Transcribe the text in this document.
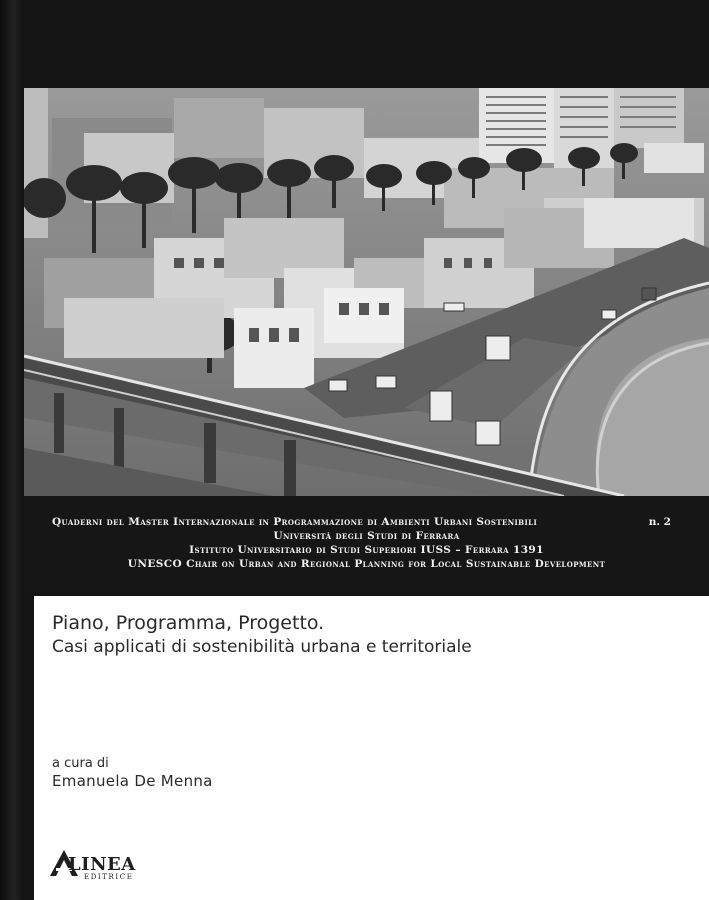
Quaderni del Master Internazionale in Programmazione di Ambienti Urbani Sostenibili	n. 2
Università degli Studi di Ferrara
Istituto Universitario di Studi Superiori IUSS – Ferrara 1391
UNESCO Chair on Urban and Regional Planning for Local Sustainable Development
Piano, Programma, Progetto.
Casi applicati di sostenibilità urbana e territoriale
a cura di
Emanuela De Menna
LINEA
EDITRICE
